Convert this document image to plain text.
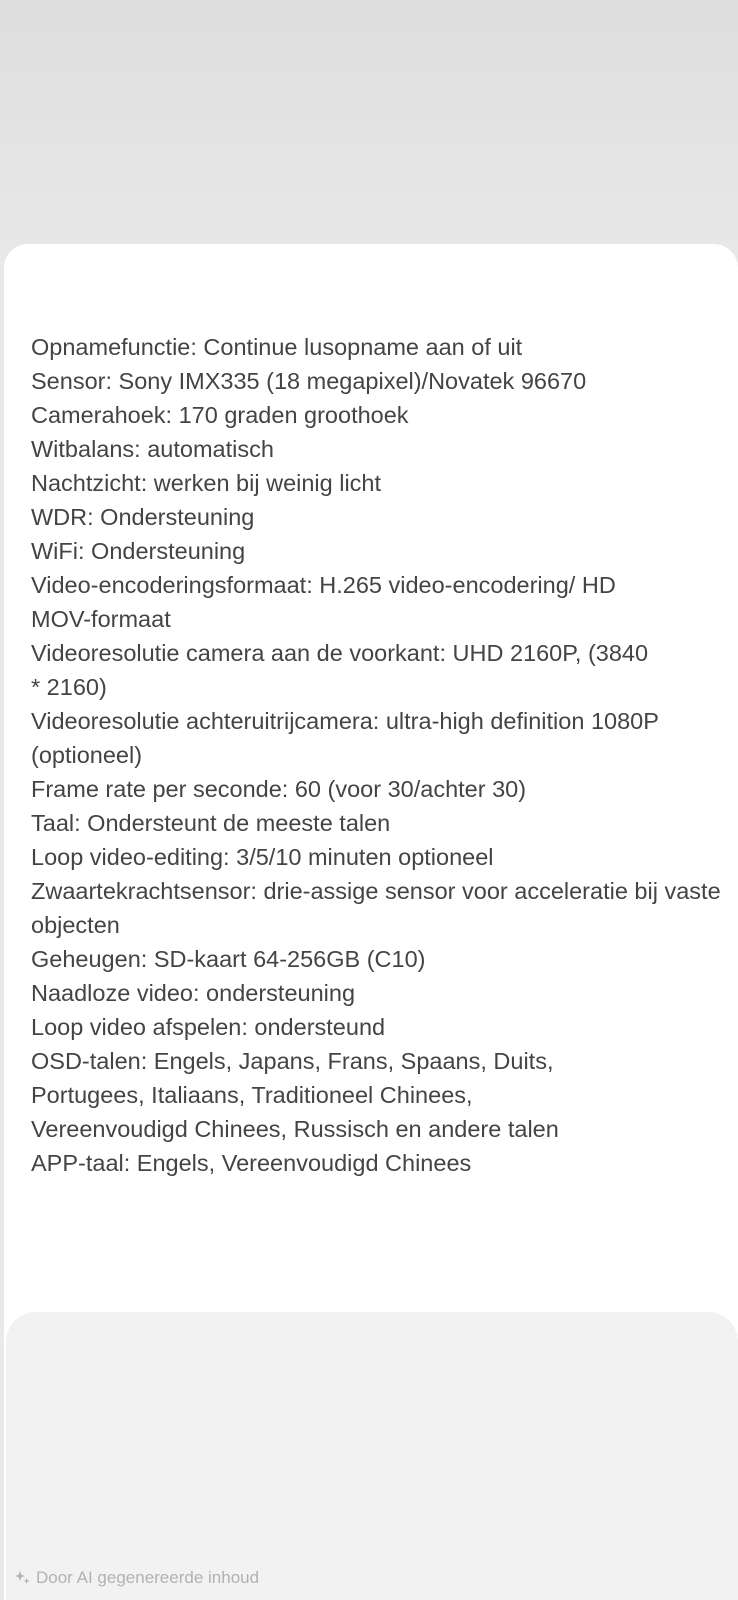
Opnamefunctie: Continue lusopname aan of uit
Sensor: Sony IMX335 (18 megapixel)/Novatek 96670
Camerahoek: 170 graden groothoek
Witbalans: automatisch
Nachtzicht: werken bij weinig licht
WDR: Ondersteuning
WiFi: Ondersteuning
Video-encoderingsformaat: H.265 video-encodering/ HD MOV-formaat
Videoresolutie camera aan de voorkant: UHD 2160P, (3840 * 2160)
Videoresolutie achteruitrijcamera: ultra-high definition 1080P (optioneel)
Frame rate per seconde: 60 (voor 30/achter 30)
Taal: Ondersteunt de meeste talen
Loop video-editing: 3/5/10 minuten optioneel
Zwaartekrachtsensor: drie-assige sensor voor acceleratie bij vaste objecten
Geheugen: SD-kaart 64-256GB (C10)
Naadloze video: ondersteuning
Loop video afspelen: ondersteund
OSD-talen: Engels, Japans, Frans, Spaans, Duits, Portugees, Italiaans, Traditioneel Chinees, Vereenvoudigd Chinees, Russisch en andere talen
APP-taal: Engels, Vereenvoudigd Chinees
Door AI gegenereerde inhoud
